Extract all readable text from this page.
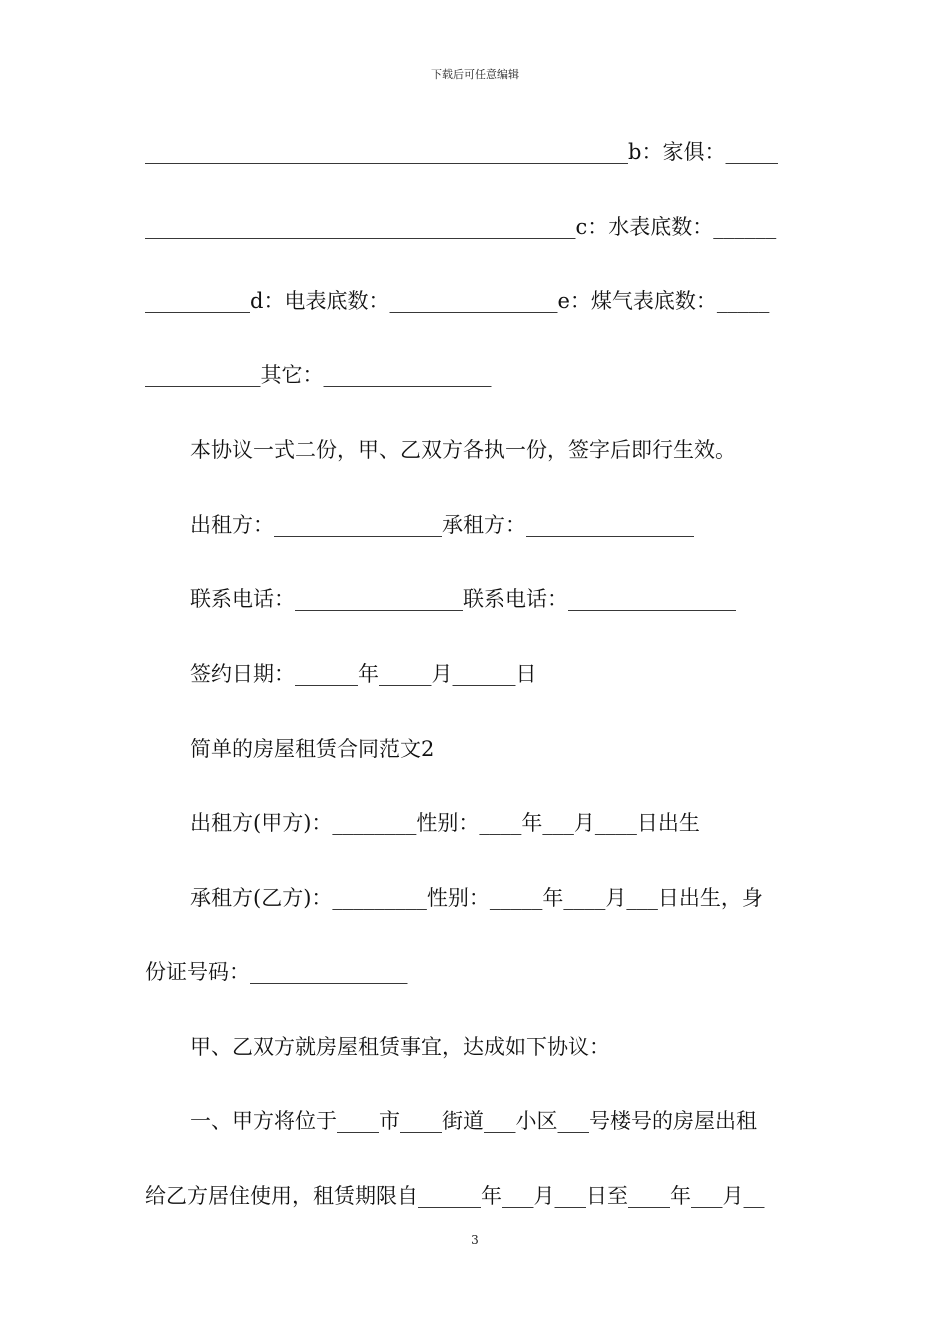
下载后可任意编辑
______________________________________________b：家俱：_____
_________________________________________c：水表底数：______
__________d：电表底数：________________e：煤气表底数：_____
___________其它：________________
本协议一式二份，甲、乙双方各执一份，签字后即行生效。
出租方：________________承租方：________________
联系电话：________________联系电话：________________
签约日期：______年_____月______日
简单的房屋租赁合同范文2
出租方(甲方)：________性别：____年___月____日出生
承租方(乙方)：_________性别：_____年____月___日出生，身
份证号码：_______________
甲、乙双方就房屋租赁事宜，达成如下协议：
一、甲方将位于____市____街道___小区___号楼号的房屋出租
给乙方居住使用，租赁期限自______年___月___日至____年___月__
3
